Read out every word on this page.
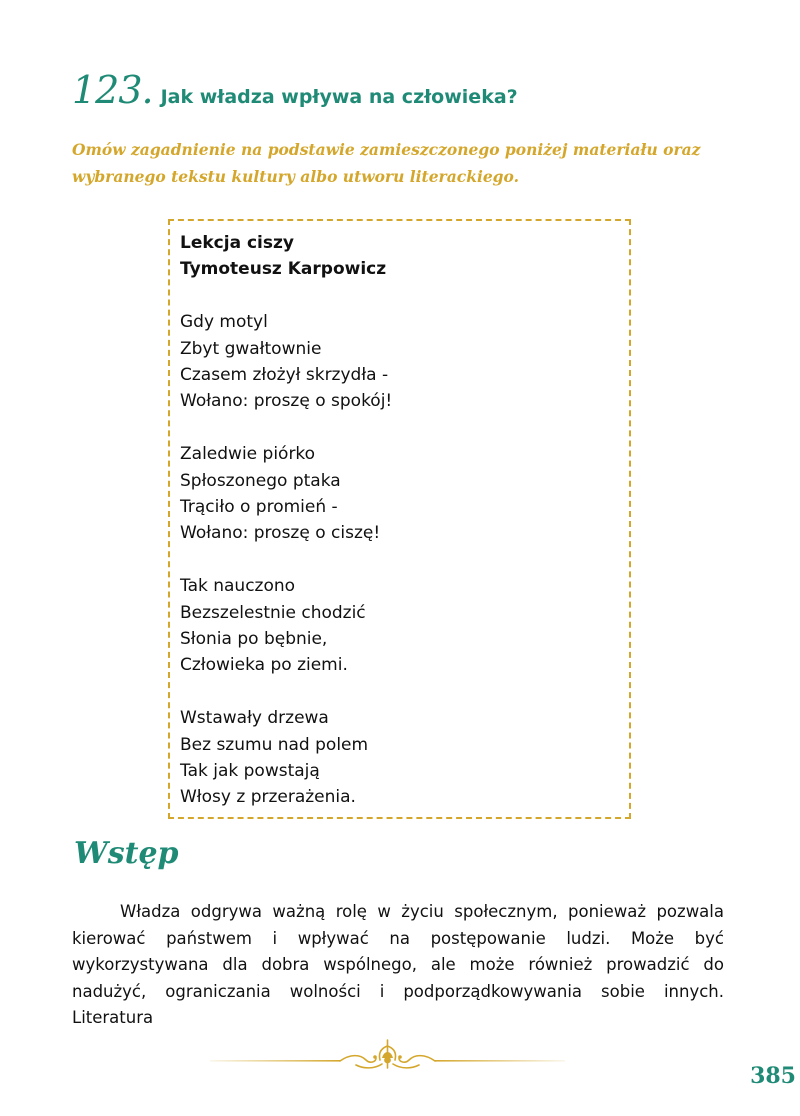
123. Jak władza wpływa na człowieka?
Omów zagadnienie na podstawie zamieszczonego poniżej materiału oraz wybranego tekstu kultury albo utworu literackiego.
Lekcja ciszy
Tymoteusz Karpowicz
Gdy motyl
Zbyt gwałtownie
Czasem złożył skrzydła -
Wołano: proszę o spokój!
Zaledwie piórko
Spłoszonego ptaka
Trąciło o promień -
Wołano: proszę o ciszę!
Tak nauczono
Bezszelestnie chodzić
Słonia po bębnie,
Człowieka po ziemi.
Wstawały drzewa
Bez szumu nad polem
Tak jak powstają
Włosy z przerażenia.
Wstęp
Władza odgrywa ważną rolę w życiu społecznym, ponieważ pozwala kierować państwem i wpływać na postępowanie ludzi. Może być wykorzystywana dla dobra wspólnego, ale może również prowadzić do nadużyć, ograniczania wolności i podporządkowywania sobie innych. Literatura
385
